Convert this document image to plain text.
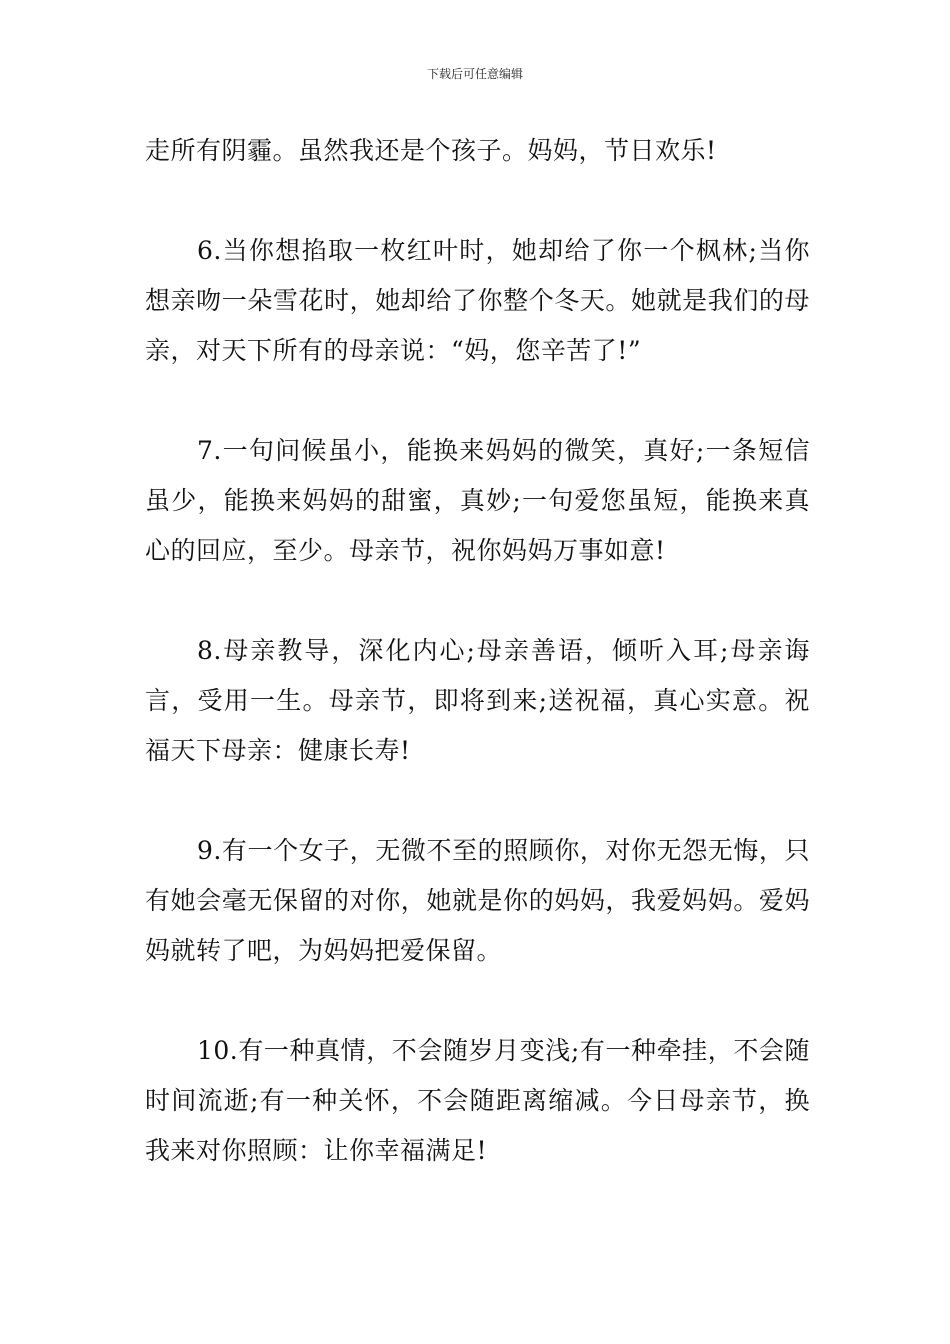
下载后可任意编辑

走所有阴霾。虽然我还是个孩子。妈妈，节日欢乐!

6.当你想掐取一枚红叶时，她却给了你一个枫林;当你想亲吻一朵雪花时，她却给了你整个冬天。她就是我们的母亲，对天下所有的母亲说：“妈，您辛苦了!”

7.一句问候虽小，能换来妈妈的微笑，真好;一条短信虽少，能换来妈妈的甜蜜，真妙;一句爱您虽短，能换来真心的回应，至少。母亲节，祝你妈妈万事如意!

8.母亲教导，深化内心;母亲善语，倾听入耳;母亲诲言，受用一生。母亲节，即将到来;送祝福，真心实意。祝福天下母亲：健康长寿!

9.有一个女子，无微不至的照顾你，对你无怨无悔，只有她会毫无保留的对你，她就是你的妈妈，我爱妈妈。爱妈妈就转了吧，为妈妈把爱保留。

10.有一种真情，不会随岁月变浅;有一种牵挂，不会随时间流逝;有一种关怀，不会随距离缩减。今日母亲节，换我来对你照顾：让你幸福满足!
